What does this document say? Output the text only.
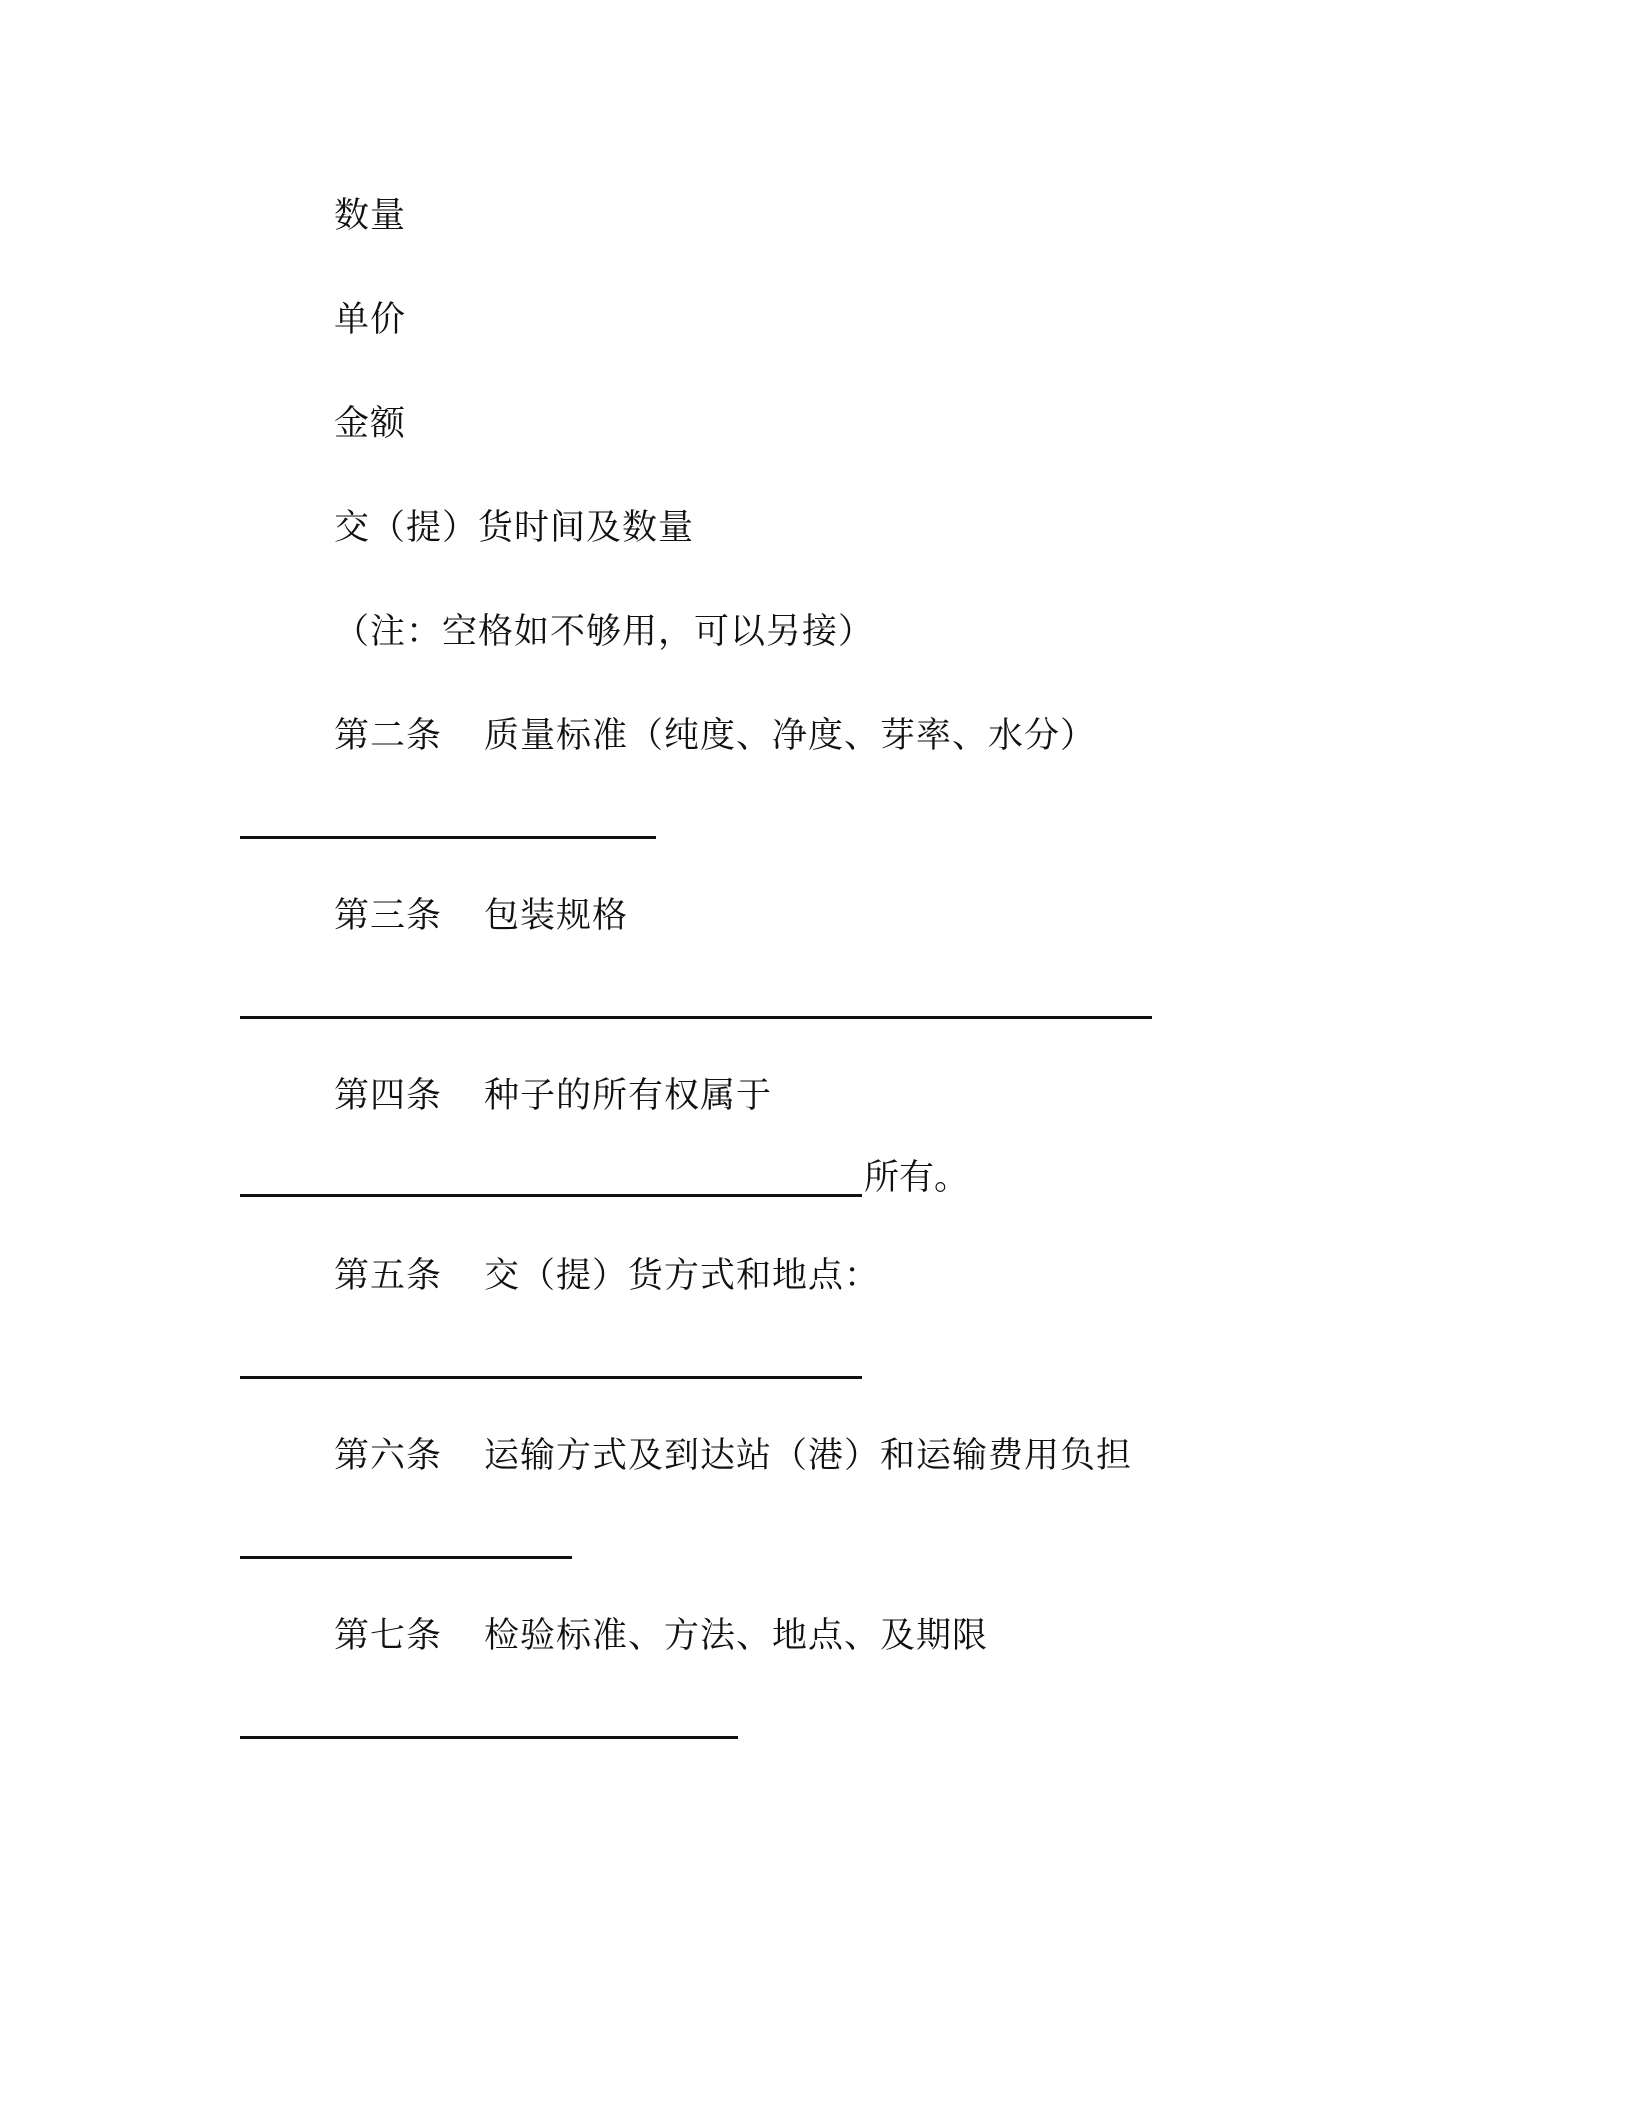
数量
单价
金额
交（提）货时间及数量
（注：空格如不够用，可以另接）
第二条 质量标准（纯度、净度、芽率、水分）
第三条 包装规格
第四条 种子的所有权属于
所有。
第五条 交（提）货方式和地点：
第六条 运输方式及到达站（港）和运输费用负担
第七条 检验标准、方法、地点、及期限
